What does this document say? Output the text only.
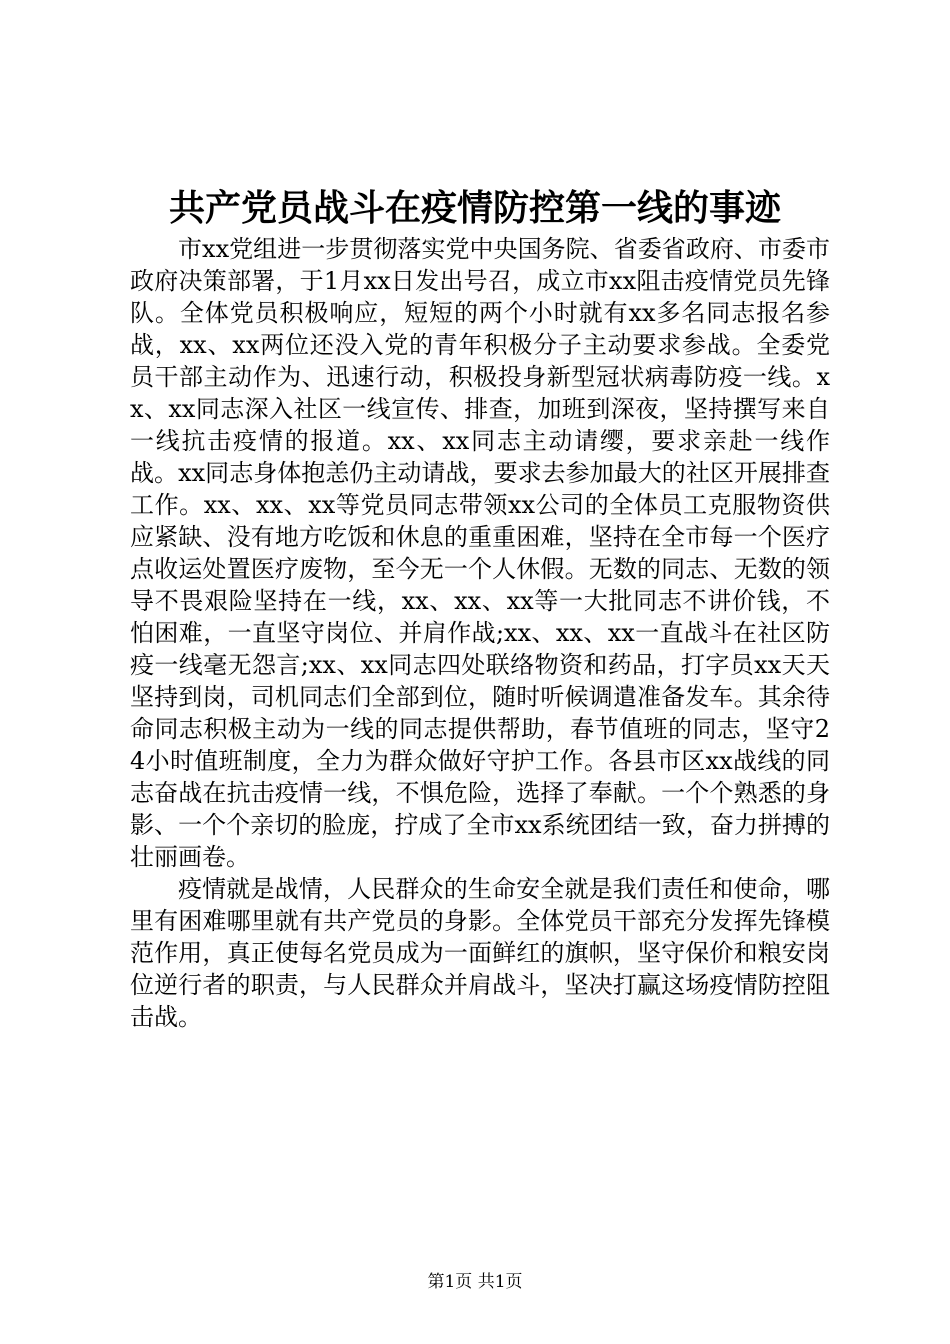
共产党员战斗在疫情防控第一线的事迹

市xx党组进一步贯彻落实党中央国务院、省委省政府、市委市政府决策部署，于1月xx日发出号召，成立市xx阻击疫情党员先锋队。全体党员积极响应，短短的两个小时就有xx多名同志报名参战，xx、xx两位还没入党的青年积极分子主动要求参战。全委党员干部主动作为、迅速行动，积极投身新型冠状病毒防疫一线。xx、xx同志深入社区一线宣传、排查，加班到深夜，坚持撰写来自一线抗击疫情的报道。xx、xx同志主动请缨，要求亲赴一线作战。xx同志身体抱恙仍主动请战，要求去参加最大的社区开展排查工作。xx、xx、xx等党员同志带领xx公司的全体员工克服物资供应紧缺、没有地方吃饭和休息的重重困难，坚持在全市每一个医疗点收运处置医疗废物，至今无一个人休假。无数的同志、无数的领导不畏艰险坚持在一线，xx、xx、xx等一大批同志不讲价钱，不怕困难，一直坚守岗位、并肩作战;xx、xx、xx一直战斗在社区防疫一线毫无怨言;xx、xx同志四处联络物资和药品，打字员xx天天坚持到岗，司机同志们全部到位，随时听候调遣准备发车。其余待命同志积极主动为一线的同志提供帮助，春节值班的同志，坚守24小时值班制度，全力为群众做好守护工作。各县市区xx战线的同志奋战在抗击疫情一线，不惧危险，选择了奉献。一个个熟悉的身影、一个个亲切的脸庞，拧成了全市xx系统团结一致，奋力拼搏的壮丽画卷。

疫情就是战情，人民群众的生命安全就是我们责任和使命，哪里有困难哪里就有共产党员的身影。全体党员干部充分发挥先锋模范作用，真正使每名党员成为一面鲜红的旗帜，坚守保价和粮安岗位逆行者的职责，与人民群众并肩战斗，坚决打赢这场疫情防控阻击战。

第1页 共1页
